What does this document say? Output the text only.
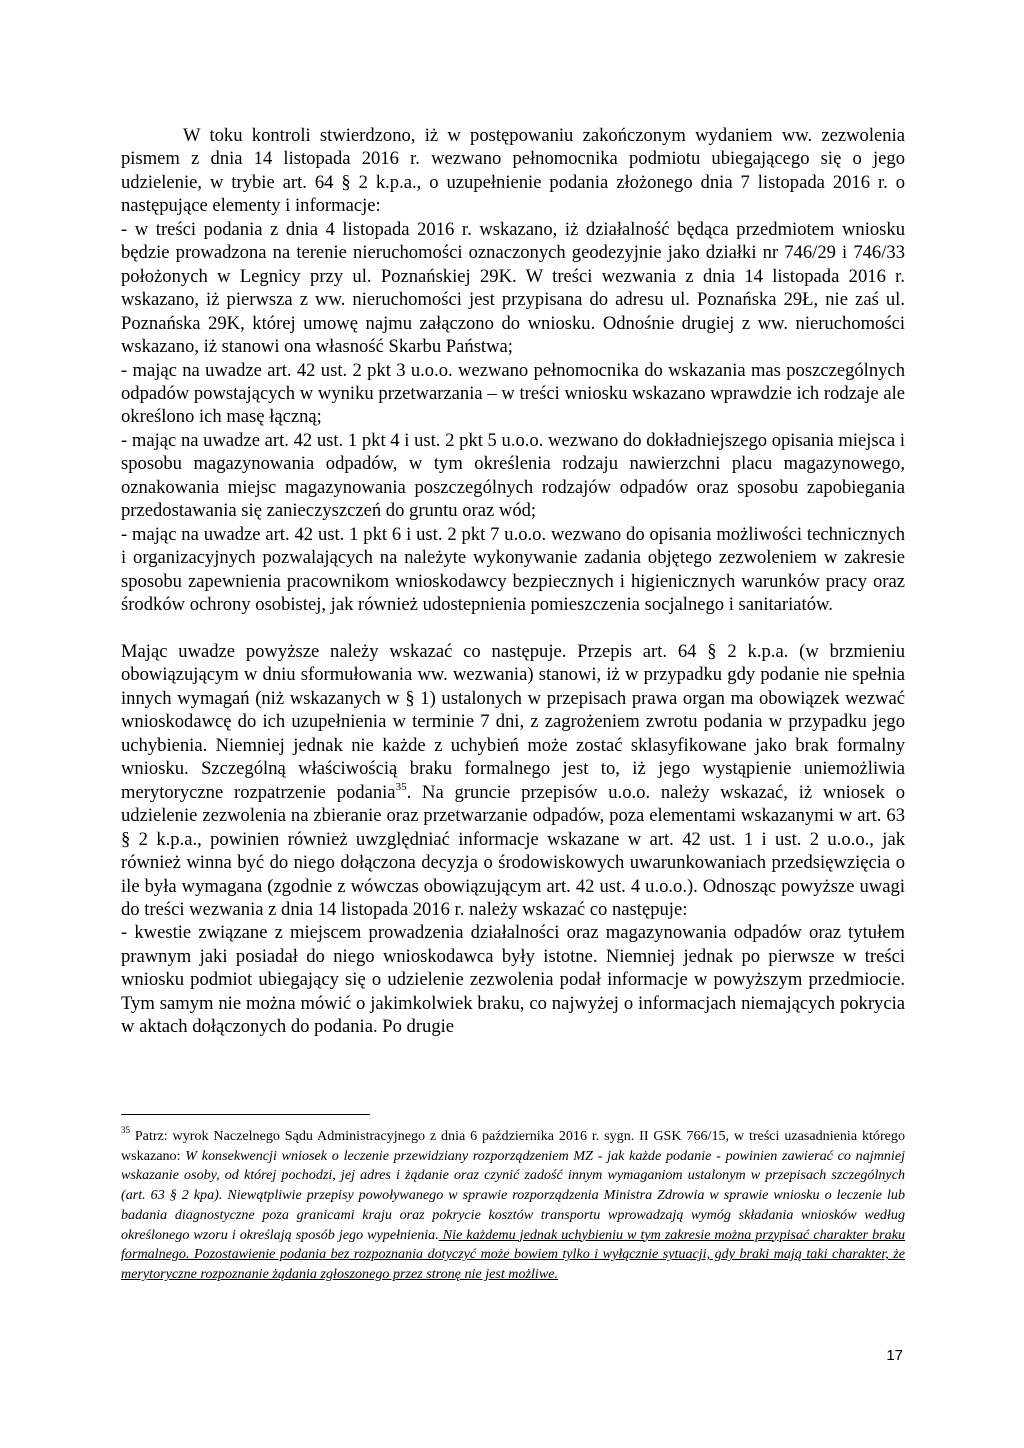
W toku kontroli stwierdzono, iż w postępowaniu zakończonym wydaniem ww. zezwolenia pismem z dnia 14 listopada 2016 r. wezwano pełnomocnika podmiotu ubiegającego się o jego udzielenie, w trybie art. 64 § 2 k.p.a., o uzupełnienie podania złożonego dnia 7 listopada 2016 r. o następujące elementy i informacje:

- w treści podania z dnia 4 listopada 2016 r. wskazano, iż działalność będąca przedmiotem wniosku będzie prowadzona na terenie nieruchomości oznaczonych geodezyjnie jako działki nr 746/29 i 746/33 położonych w Legnicy przy ul. Poznańskiej 29K. W treści wezwania z dnia 14 listopada 2016 r. wskazano, iż pierwsza z ww. nieruchomości jest przypisana do adresu ul. Poznańska 29Ł, nie zaś ul. Poznańska 29K, której umowę najmu załączono do wniosku. Odnośnie drugiej z ww. nieruchomości wskazano, iż stanowi ona własność Skarbu Państwa;

- mając na uwadze art. 42 ust. 2 pkt 3 u.o.o. wezwano pełnomocnika do wskazania mas poszczególnych odpadów powstających w wyniku przetwarzania – w treści wniosku wskazano wprawdzie ich rodzaje ale określono ich masę łączną;

- mając na uwadze art. 42 ust. 1 pkt 4 i ust. 2 pkt 5 u.o.o. wezwano do dokładniejszego opisania miejsca i sposobu magazynowania odpadów, w tym określenia rodzaju nawierzchni placu magazynowego, oznakowania miejsc magazynowania poszczególnych rodzajów odpadów oraz sposobu zapobiegania przedostawania się zanieczyszczeń do gruntu oraz wód;

- mając na uwadze art. 42 ust. 1 pkt 6 i ust. 2 pkt 7 u.o.o. wezwano do opisania możliwości technicznych i organizacyjnych pozwalających na należyte wykonywanie zadania objętego zezwoleniem w zakresie sposobu zapewnienia pracownikom wnioskodawcy bezpiecznych i higienicznych warunków pracy oraz środków ochrony osobistej, jak również udostepnienia pomieszczenia socjalnego i sanitariatów.

Mając uwadze powyższe należy wskazać co następuje. Przepis art. 64 § 2 k.p.a. (w brzmieniu obowiązującym w dniu sformułowania ww. wezwania) stanowi, iż w przypadku gdy podanie nie spełnia innych wymagań (niż wskazanych w § 1) ustalonych w przepisach prawa organ ma obowiązek wezwać wnioskodawcę do ich uzupełnienia w terminie 7 dni, z zagrożeniem zwrotu podania w przypadku jego uchybienia. Niemniej jednak nie każde z uchybień może zostać sklasyfikowane jako brak formalny wniosku. Szczególną właściwością braku formalnego jest to, iż jego wystąpienie uniemożliwia merytoryczne rozpatrzenie podania$^{35}$. Na gruncie przepisów u.o.o. należy wskazać, iż wniosek o udzielenie zezwolenia na zbieranie oraz przetwarzanie odpadów, poza elementami wskazanymi w art. 63 § 2 k.p.a., powinien również uwzględniać informacje wskazane w art. 42 ust. 1 i ust. 2 u.o.o., jak również winna być do niego dołączona decyzja o środowiskowych uwarunkowaniach przedsięwzięcia o ile była wymagana (zgodnie z wówczas obowiązującym art. 42 ust. 4 u.o.o.). Odnosząc powyższe uwagi do treści wezwania z dnia 14 listopada 2016 r. należy wskazać co następuje:

- kwestie związane z miejscem prowadzenia działalności oraz magazynowania odpadów oraz tytułem prawnym jaki posiadał do niego wnioskodawca były istotne. Niemniej jednak po pierwsze w treści wniosku podmiot ubiegający się o udzielenie zezwolenia podał informacje w powyższym przedmiocie. Tym samym nie można mówić o jakimkolwiek braku, co najwyżej o informacjach niemających pokrycia w aktach dołączonych do podania. Po drugie

$^{35}$ Patrz: wyrok Naczelnego Sądu Administracyjnego z dnia 6 października 2016 r. sygn. II GSK 766/15, w treści uzasadnienia którego wskazano: W konsekwencji wniosek o leczenie przewidziany rozporządzeniem MZ - jak każde podanie - powinien zawierać co najmniej wskazanie osoby, od której pochodzi, jej adres i żądanie oraz czynić zadość innym wymaganiom ustalonym w przepisach szczególnych (art. 63 § 2 kpa). Niewątpliwie przepisy powoływanego w sprawie rozporządzenia Ministra Zdrowia w sprawie wniosku o leczenie lub badania diagnostyczne poza granicami kraju oraz pokrycie kosztów transportu wprowadzają wymóg składania wniosków według określonego wzoru i określają sposób jego wypełnienia. Nie każdemu jednak uchybieniu w tym zakresie można przypisać charakter braku formalnego. Pozostawienie podania bez rozpoznania dotyczyć może bowiem tylko i wyłącznie sytuacji, gdy braki mają taki charakter, że merytoryczne rozpoznanie żądania zgłoszonego przez stronę nie jest możliwe.
17
